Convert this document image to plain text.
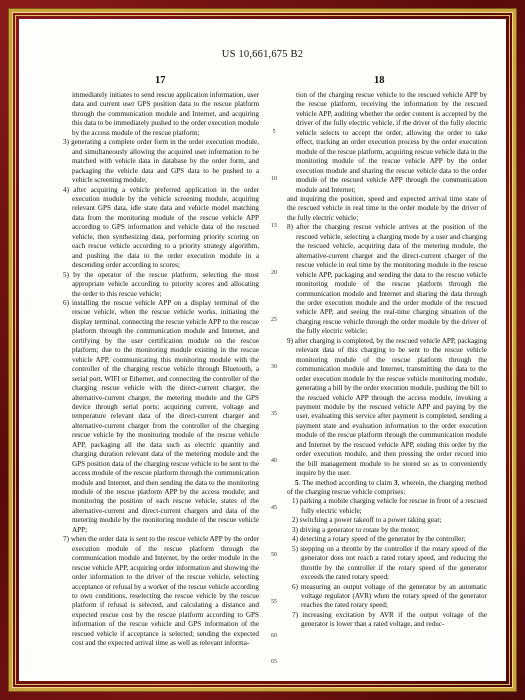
US 10,661,675 B2
17	18

immediately initiates to send rescue application information, user data and current user GPS position data to the rescue platform through the communication module and Internet, and acquiring this data to be immediately pushed to the order execution module by the access module of the rescue platform;

3) generating a complete order form in the order execution module, and simultaneously allowing the acquired user information to be matched with vehicle data in database by the order form, and packaging the vehicle data and GPS data to be pushed to a vehicle screening module;

4) after acquiring a vehicle preferred application in the order execution module by the vehicle screening module, acquiring relevant GPS data, idle state data and vehicle model matching data from the monitoring module of the rescue vehicle APP according to GPS information and vehicle data of the rescued vehicle, then synthesizing data, performing priority scoring on each rescue vehicle according to a priority strategy algorithm, and pushing the data to the order execution module in a descending order according to scores;

5) by the operator of the rescue platform, selecting the most appropriate vehicle according to priority scores and allocating the order to this rescue vehicle;

6) installing the rescue vehicle APP on a display terminal of the rescue vehicle, when the rescue vehicle works, initiating the display terminal, connecting the rescue vehicle APP to the rescue platform through the communication module and Internet, and certifying by the user certification module on the rescue platform; due to the monitoring module existing in the rescue vehicle APP, communicating this monitoring module with the controller of the charging rescue vehicle through Bluetooth, a serial port, WIFI or Ethernet, and connecting the controller of the charging rescue vehicle with the direct-current charger, the alternative-current charger, the metering module and the GPS device through serial ports; acquiring current, voltage and temperature relevant data of the direct-current charger and alternative-current charger from the controller of the charging rescue vehicle by the monitoring module of the rescue vehicle APP, packaging all the data such as electric quantity and charging duration relevant data of the metering module and the GPS position data of the charging rescue vehicle to be sent to the access module of the rescue platform through the communication module and Internet, and then sending the data to the monitoring module of the rescue platform APP by the access module; and monitoring the position of each rescue vehicle, states of the alternative-current and direct-current chargers and data of the metering module by the monitoring module of the rescue vehicle APP;

7) when the order data is sent to the rescue vehicle APP by the order execution module of the rescue platform through the communication module and Internet, by the order module in the rescue vehicle APP, acquiring order information and showing the order information to the driver of the rescue vehicle, selecting acceptance or refusal by a worker of the rescue vehicle according to own conditions, reselecting the rescue vehicle by the rescue platform if refusal is selected, and calculating a distance and expected rescue cost by the rescue platform according to GPS information of the rescue vehicle and GPS information of the rescued vehicle if acceptance is selected; sending the expected cost and the expected arrival time as well as relevant informa-

5
10
15
20
25
30
35
40
45
50
55
60
65

tion of the charging rescue vehicle to the rescued vehicle APP by the rescue platform, receiving the information by the rescued vehicle APP, auditing whether the order content is accepted by the driver of the fully electric vehicle, if the driver of the fully electric vehicle selects to accept the order, allowing the order to take effect, tracking an order execution process by the order execution module of the rescue platform, acquiring rescue vehicle data in the monitoring module of the rescue vehicle APP by the order execution module and sharing the rescue vehicle data to the order module of the rescued vehicle APP through the communication module and Internet;

and inquiring the position, speed and expected arrival time state of the rescued vehicle in real time in the order module by the driver of the fully electric vehicle;

8) after the charging rescue vehicle arrives at the position of the rescued vehicle, selecting a charging mode by a user and charging the rescued vehicle, acquiring data of the metering module, the alternative-current charger and the direct-current charger of the rescue vehicle in real time by the monitoring module in the rescue vehicle APP, packaging and sending the data to the rescue vehicle monitoring module of the rescue platform through the communication module and Internet and sharing the data through the order execution module and the order module of the rescued vehicle APP, and seeing the real-time charging situation of the charging rescue vehicle through the order module by the driver of the fully electric vehicle;

9) after charging is completed, by the rescued vehicle APP, packaging relevant data of this charging to be sent to the rescue vehicle monitoring module of the rescue platform through the communication module and Internet, transmitting the data to the order execution module by the rescue vehicle monitoring module, generating a bill by the order execution module, pushing the bill to the rescued vehicle APP through the access module, invoking a payment module by the rescued vehicle APP and paying by the user, evaluating this service after payment is completed, sending a payment state and evaluation information to the order execution module of the rescue platform through the communication module and Internet by the rescued vehicle APP, ending this order by the order execution module, and then pressing the order record into the bill management module to be stored so as to conveniently inquire by the user.

5. The method according to claim 3, wherein, the charging method of the charging rescue vehicle comprises:

1) parking a mobile charging vehicle for rescue in front of a rescued fully electric vehicle;

2) switching a power takeoff to a power taking gear;

3) driving a generator to rotate by the motor;

4) detecting a rotary speed of the generator by the controller;

5) stepping on a throttle by the controller if the rotary speed of the generator does not reach a rated rotary speed, and reducing the throttle by the controller if the rotary speed of the generator exceeds the rated rotary speed;

6) measuring an output voltage of the generator by an automatic voltage regulator (AVR) when the rotary speed of the generator reaches the rated rotary speed;

7) increasing excitation by AVR if the output voltage of the generator is lower than a rated voltage, and reduc-
